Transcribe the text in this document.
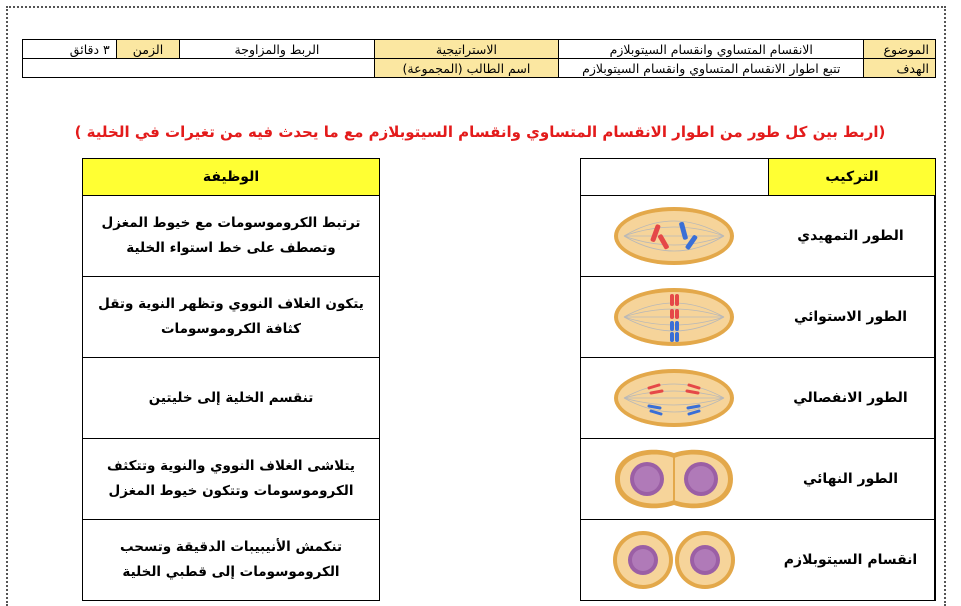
الموضوع	الانقسام المتساوي وانقسام السيتوبلازم	الاستراتيجية	الربط والمزاوجة	الزمن	٣ دقائق
الهدف	تتبع اطوار الانقسام المتساوي وانقسام السيتوبلازم	اسم الطالب (المجموعة)			
(اربط بين كل طور من اطوار الانقسام المتساوي وانقسام السيتوبلازم مع ما يحدث فيه من تغيرات في الخلية )
الوظيفة
ترتبط الكروموسومات مع خيوط المغزل وتصطف على خط استواء الخلية
يتكون الغلاف النووي وتظهر النوية وتقل كثافة الكروموسومات
تنقسم الخلية إلى خليتين
يتلاشى الغلاف النووي والنوية وتتكثف الكروموسومات وتتكون خيوط المغزل
تنكمش الأنيبيبات الدقيقة وتسحب الكروموسومات إلى قطبي الخلية
التركيب
الطور التمهيدي
الطور الاستوائي
الطور الانفصالي
الطور النهائي
انقسام السيتوبلازم
